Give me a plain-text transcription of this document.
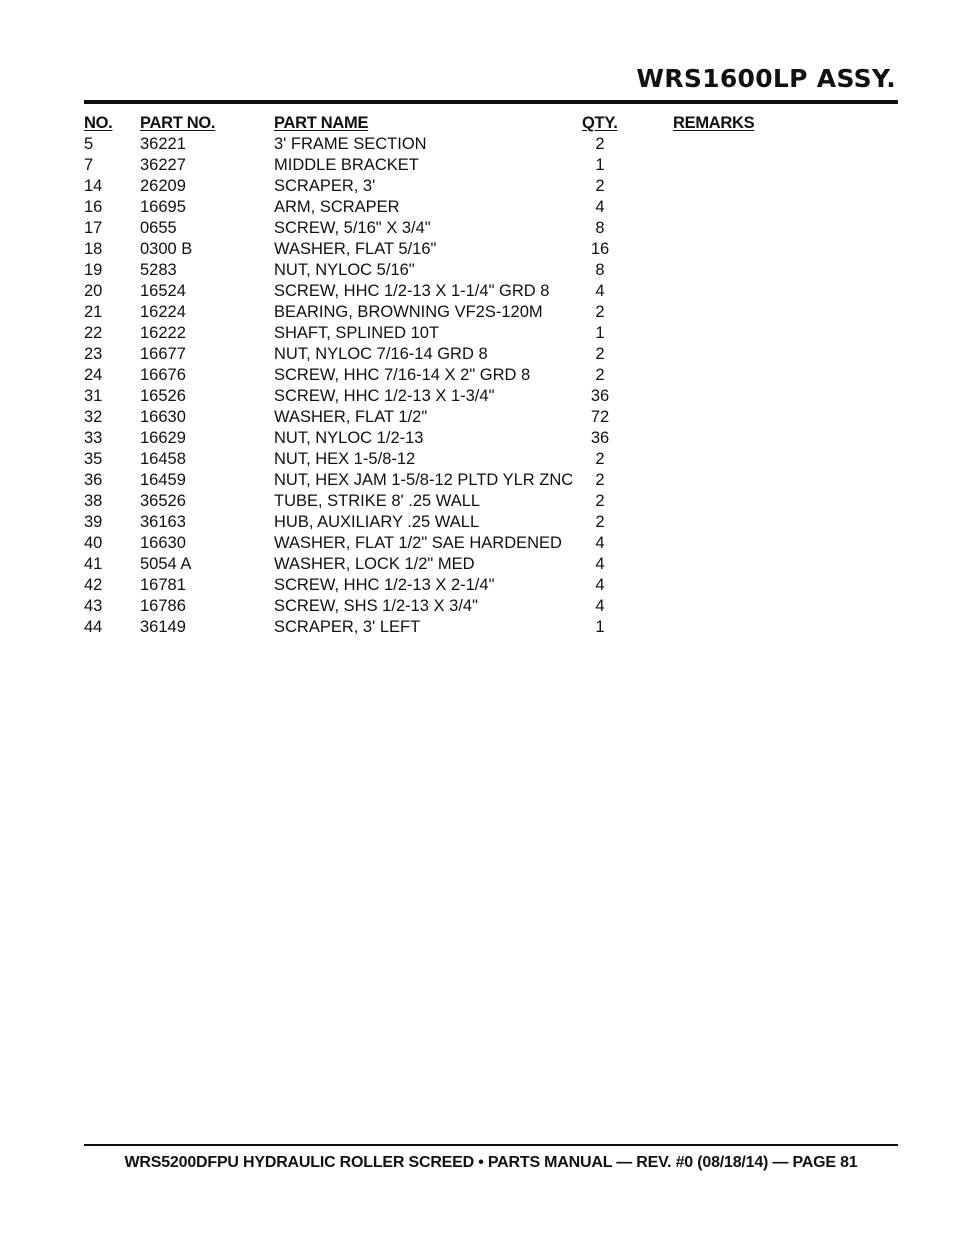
WRS1600LP ASSY.
NO. PART NO.	PART NAME	QTY.	REMARKS
5	36221	3' FRAME SECTION	2
7	36227	MIDDLE BRACKET	1
14 26209	SCRAPER, 3'	2
16 16695	ARM, SCRAPER	4
17 0655	SCREW, 5/16" X 3/4"	8
18 0300 B	WASHER, FLAT 5/16"	16
19 5283	NUT, NYLOC 5/16"	8
20 16524	SCREW, HHC 1/2-13 X 1-1/4" GRD 8	4
21 16224	BEARING, BROWNING VF2S-120M	2
22 16222	SHAFT, SPLINED 10T	1
23 16677	NUT, NYLOC 7/16-14 GRD 8	2
24 16676	SCREW, HHC 7/16-14 X 2" GRD 8	2
31 16526	SCREW, HHC 1/2-13 X 1-3/4"	36
32 16630	WASHER, FLAT 1/2"	72
33 16629	NUT, NYLOC 1/2-13	36
35 16458	NUT, HEX 1-5/8-12	2
36 16459	NUT, HEX JAM 1-5/8-12 PLTD YLR ZNC	2
38 36526	TUBE, STRIKE 8' .25 WALL	2
39 36163	HUB, AUXILIARY .25 WALL	2
40 16630	WASHER, FLAT 1/2" SAE HARDENED	4
41 5054 A	WASHER, LOCK 1/2" MED	4
42 16781	SCREW, HHC 1/2-13 X 2-1/4"	4
43 16786	SCREW, SHS 1/2-13 X 3/4"	4
44 36149	SCRAPER, 3' LEFT	1
WRS5200DFPU HYDRAULIC ROLLER SCREED • PARTS MANUAL — REV. #0 (08/18/14) — PAGE 81
